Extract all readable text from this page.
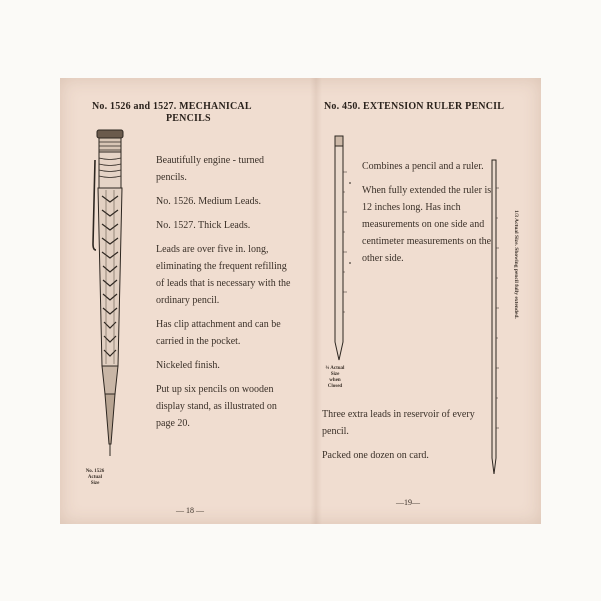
No. 1526 and 1527. MECHANICAL
PENCILS
No. 1526
Actual
Size

Beautifully engine - turned pencils.

No. 1526. Medium Leads.

No. 1527. Thick Leads.

Leads are over five in. long, eliminating the frequent refilling of leads that is necessary with the ordinary pencil.

Has clip attachment and can be carried in the pocket.

Nickeled finish.

Put up six pencils on wooden display stand, as illustrated on page 20.

— 18 —
No. 450. EXTENSION RULER PENCIL
¾ Actual
Size
when
Closed

Combines a pencil and a ruler.

When fully extended the ruler is 12 inches long. Has inch measurements on one side and centimeter measurements on the other side.

Three extra leads in reservoir of every pencil.

Packed one dozen on card.

1/3 Actual Size. Showing pencil fully extended.
—19—
